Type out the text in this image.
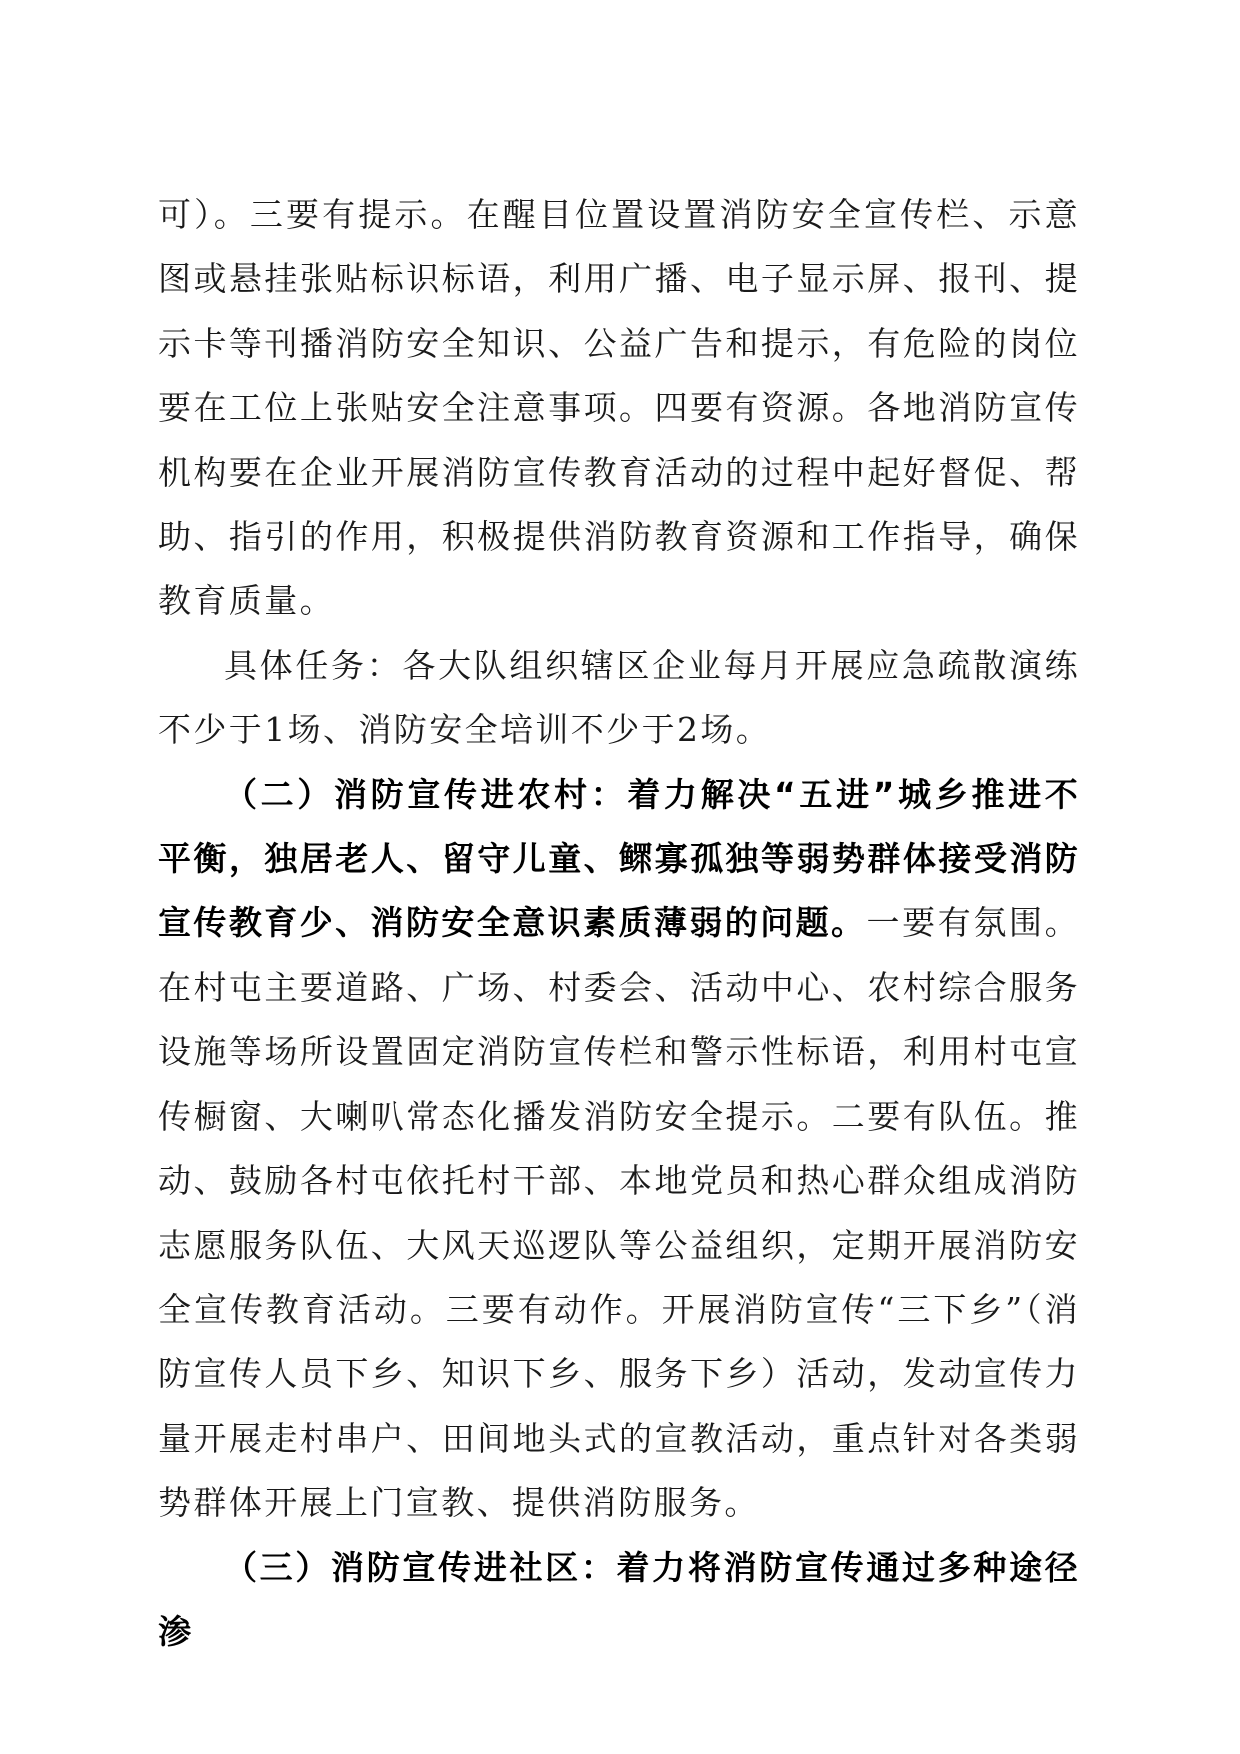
可）。三要有提示。在醒目位置设置消防安全宣传栏、示意图或悬挂张贴标识标语，利用广播、电子显示屏、报刊、提示卡等刊播消防安全知识、公益广告和提示，有危险的岗位要在工位上张贴安全注意事项。四要有资源。各地消防宣传机构要在企业开展消防宣传教育活动的过程中起好督促、帮助、指引的作用，积极提供消防教育资源和工作指导，确保教育质量。

具体任务：各大队组织辖区企业每月开展应急疏散演练不少于1场、消防安全培训不少于2场。

（二）消防宣传进农村：着力解决“五进”城乡推进不平衡，独居老人、留守儿童、鳏寡孤独等弱势群体接受消防宣传教育少、消防安全意识素质薄弱的问题。一要有氛围。在村屯主要道路、广场、村委会、活动中心、农村综合服务设施等场所设置固定消防宣传栏和警示性标语，利用村屯宣传橱窗、大喇叭常态化播发消防安全提示。二要有队伍。推动、鼓励各村屯依托村干部、本地党员和热心群众组成消防志愿服务队伍、大风天巡逻队等公益组织，定期开展消防安全宣传教育活动。三要有动作。开展消防宣传“三下乡”（消防宣传人员下乡、知识下乡、服务下乡）活动，发动宣传力量开展走村串户、田间地头式的宣教活动，重点针对各类弱势群体开展上门宣教、提供消防服务。

（三）消防宣传进社区：着力将消防宣传通过多种途径渗
